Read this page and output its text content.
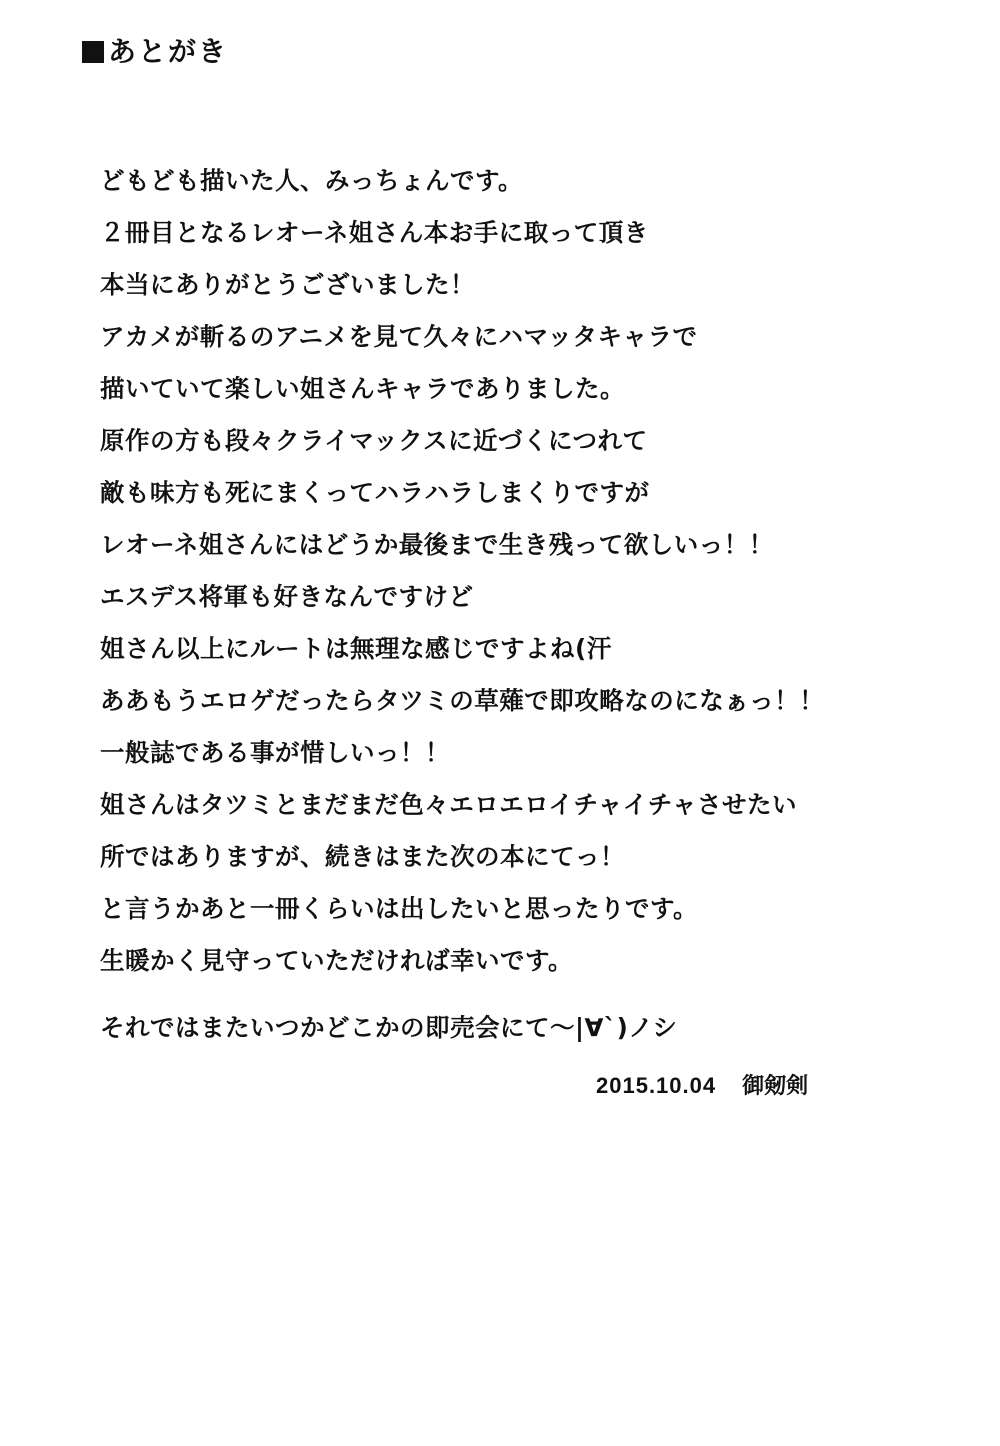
あとがき
どもども描いた人、みっちょんです。
２冊目となるレオーネ姐さん本お手に取って頂き
本当にありがとうございました！
アカメが斬るのアニメを見て久々にハマッタキャラで
描いていて楽しい姐さんキャラでありました。
原作の方も段々クライマックスに近づくにつれて
敵も味方も死にまくってハラハラしまくりですが
レオーネ姐さんにはどうか最後まで生き残って欲しいっ！！
エスデス将軍も好きなんですけど
姐さん以上にルートは無理な感じですよね(汗
ああもうエロゲだったらタツミの草薙で即攻略なのになぁっ！！
一般誌である事が惜しいっ！！
姐さんはタツミとまだまだ色々エロエロイチャイチャさせたい
所ではありますが、続きはまた次の本にてっ！
と言うかあと一冊くらいは出したいと思ったりです。
生暖かく見守っていただければ幸いです。
それではまたいつかどこかの即売会にて～|∀`)ノシ
2015.10.04 御剱剣
